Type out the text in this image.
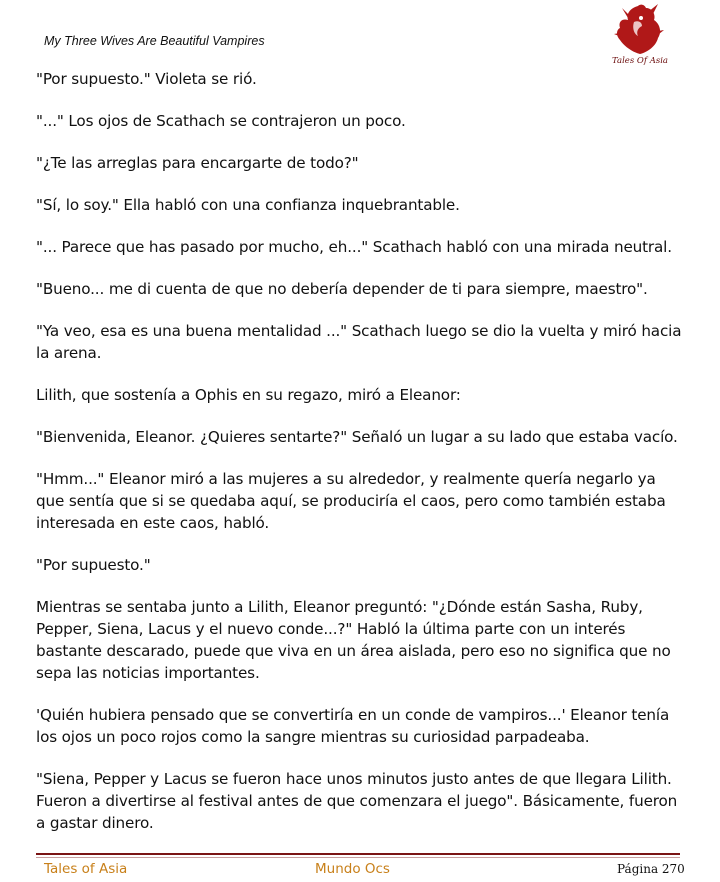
My Three Wives Are Beautiful Vampires
Tales Of Asia

"Por supuesto." Violeta se rió.

"..." Los ojos de Scathach se contrajeron un poco.

"¿Te las arreglas para encargarte de todo?"

"Sí, lo soy." Ella habló con una confianza inquebrantable.

"... Parece que has pasado por mucho, eh..." Scathach habló con una mirada neutral.

"Bueno... me di cuenta de que no debería depender de ti para siempre, maestro".

"Ya veo, esa es una buena mentalidad ..." Scathach luego se dio la vuelta y miró hacia la arena.

Lilith, que sostenía a Ophis en su regazo, miró a Eleanor:

"Bienvenida, Eleanor. ¿Quieres sentarte?" Señaló un lugar a su lado que estaba vacío.

"Hmm..." Eleanor miró a las mujeres a su alrededor, y realmente quería negarlo ya que sentía que si se quedaba aquí, se produciría el caos, pero como también estaba interesada en este caos, habló.

"Por supuesto."

Mientras se sentaba junto a Lilith, Eleanor preguntó: "¿Dónde están Sasha, Ruby, Pepper, Siena, Lacus y el nuevo conde...?" Habló la última parte con un interés bastante descarado, puede que viva en un área aislada, pero eso no significa que no sepa las noticias importantes.

'Quién hubiera pensado que se convertiría en un conde de vampiros...' Eleanor tenía los ojos un poco rojos como la sangre mientras su curiosidad parpadeaba.

"Siena, Pepper y Lacus se fueron hace unos minutos justo antes de que llegara Lilith. Fueron a divertirse al festival antes de que comenzara el juego". Básicamente, fueron a gastar dinero.

Tales of Asia	Mundo Ocs	Página 270
